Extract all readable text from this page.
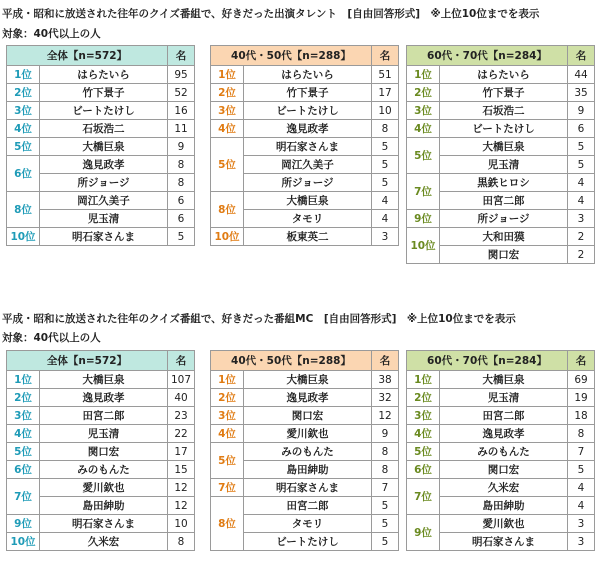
平成・昭和に放送された往年のクイズ番組で、好きだった出演タレント　[自由回答形式]　※上位10位までを表示
対象：40代以上の人
全体【n=572】		名
1位	はらたいら	95
2位	竹下景子	52
3位	ビートたけし	16
4位	石坂浩二	11
5位	大橋巨泉	9
6位	逸見政孝	8
	所ジョージ	8
8位	岡江久美子	6
	児玉清	6
10位	明石家さんま	5
40代・50代【n=288】		名
1位	はらたいら	51
2位	竹下景子	17
3位	ビートたけし	10
4位	逸見政孝	8
5位	明石家さんま	5
	岡江久美子	5
	所ジョージ	5
8位	大橋巨泉	4
	タモリ	4
10位	板東英二	3
60代・70代【n=284】		名
1位	はらたいら	44
2位	竹下景子	35
3位	石坂浩二	9
4位	ビートたけし	6
5位	大橋巨泉	5
	児玉清	5
7位	黒鉄ヒロシ	4
	田宮二郎	4
9位	所ジョージ	3
10位	大和田獏	2
	関口宏	2
平成・昭和に放送された往年のクイズ番組で、好きだった番組MC　[自由回答形式]　※上位10位までを表示
対象：40代以上の人
全体【n=572】		名
1位	大橋巨泉	107
2位	逸見政孝	40
3位	田宮二郎	23
4位	児玉清	22
5位	関口宏	17
6位	みのもんた	15
7位	愛川欽也	12
	島田紳助	12
9位	明石家さんま	10
10位	久米宏	8
40代・50代【n=288】		名
1位	大橋巨泉	38
2位	逸見政孝	32
3位	関口宏	12
4位	愛川欽也	9
5位	みのもんた	8
	島田紳助	8
7位	明石家さんま	7
8位	田宮二郎	5
	タモリ	5
	ビートたけし	5
60代・70代【n=284】		名
1位	大橋巨泉	69
2位	児玉清	19
3位	田宮二郎	18
4位	逸見政孝	8
5位	みのもんた	7
6位	関口宏	5
7位	久米宏	4
	島田紳助	4
9位	愛川欽也	3
	明石家さんま	3
